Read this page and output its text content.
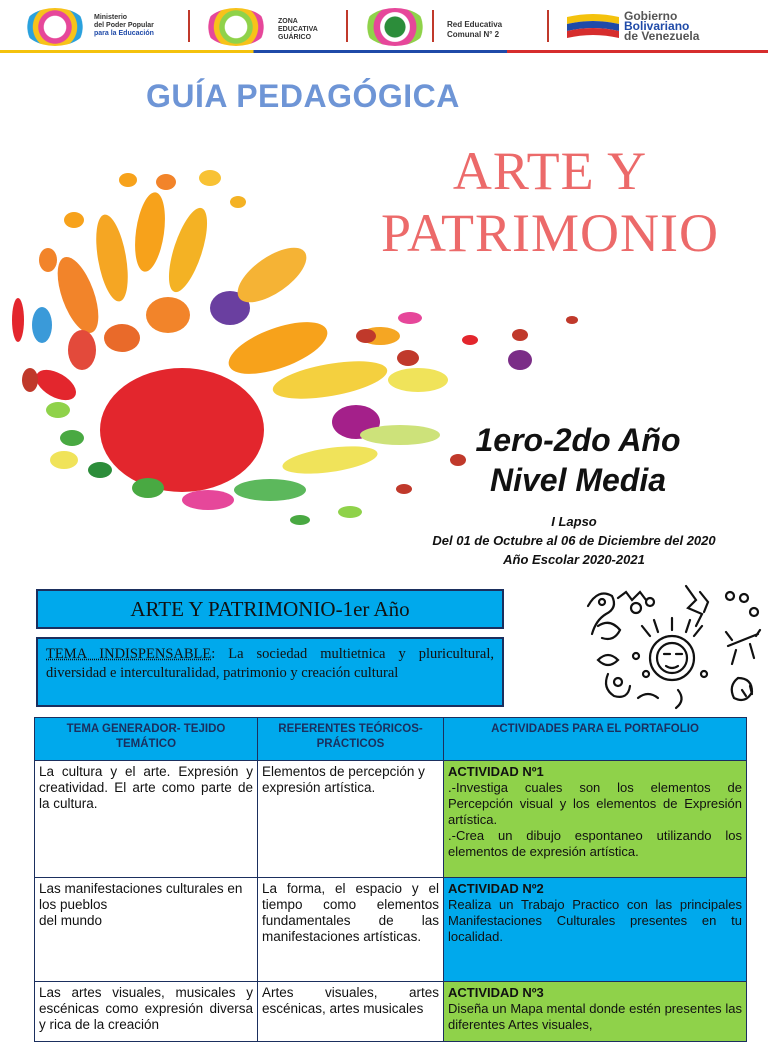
Ministerio
del Poder Popular
para la Educación
ZONA
EDUCATIVA
GUÁRICO
Red Educativa
Comunal N° 2
Gobierno
Bolivariano
de Venezuela
GUÍA PEDAGÓGICA
ARTE Y
PATRIMONIO
1ero-2do Año
Nivel Media
I Lapso
Del 01 de Octubre al 06 de Diciembre del 2020
Año Escolar 2020-2021
ARTE Y PATRIMONIO-1er Año
TEMA INDISPENSABLE: La sociedad multietnica y pluricultural, diversidad e interculturalidad, patrimonio y creación cultural
TEMA GENERADOR- TEJIDO TEMÁTICO	REFERENTES TEÓRICOS-PRÁCTICOS	ACTIVIDADES PARA EL PORTAFOLIO
La cultura y el arte. Expresión y creatividad. El arte como parte de la cultura.	Elementos de percepción y expresión artística.	ACTIVIDAD Nº1
.-Investiga cuales son los elementos de Percepción visual y los elementos de Expresión artística.
.-Crea un dibujo espontaneo utilizando los elementos de expresión artística.

Las manifestaciones culturales en los pueblos
del mundo	La forma, el espacio y el tiempo como elementos fundamentales de las manifestaciones artísticas.	ACTIVIDAD Nº2
Realiza un Trabajo Practico con las principales Manifestaciones Culturales presentes en tu localidad.

Las artes visuales, musicales y escénicas como expresión diversa y rica de la creación	Artes visuales, artes escénicas, artes musicales	ACTIVIDAD Nº3
Diseña un Mapa mental donde estén presentes las diferentes Artes visuales,
